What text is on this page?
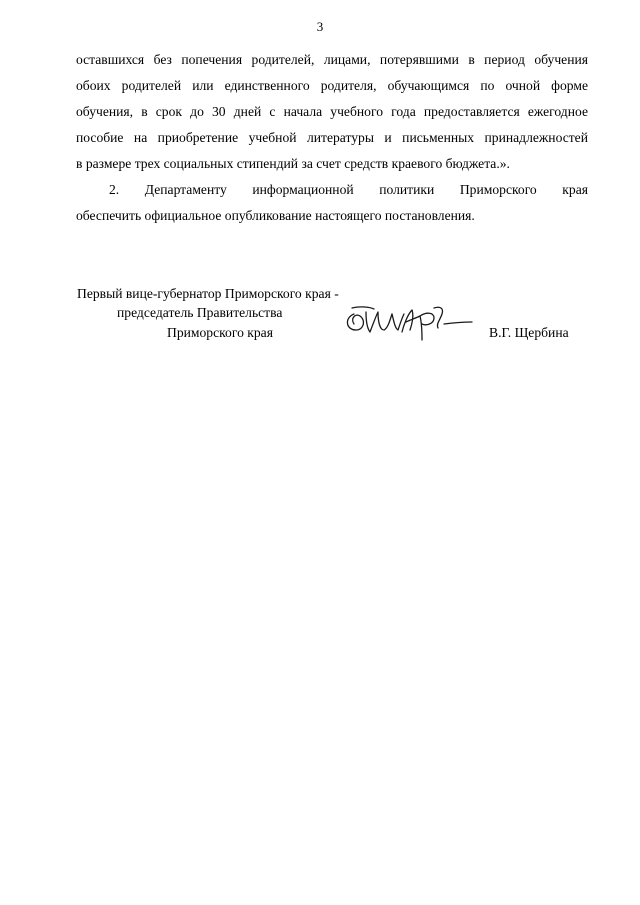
3
оставшихся без попечения родителей, лицами, потерявшими в период обучения
обоих родителей или единственного родителя, обучающимся по очной форме
обучения, в срок до 30 дней с начала учебного года предоставляется ежегодное
пособие на приобретение учебной литературы и письменных принадлежностей
в размере трех социальных стипендий за счет средств краевого бюджета.».
2. Департаменту информационной политики Приморского края
обеспечить официальное опубликование настоящего постановления.
Первый вице-губернатор Приморского края -
председатель Правительства
Приморского края	В.Г. Щербина
